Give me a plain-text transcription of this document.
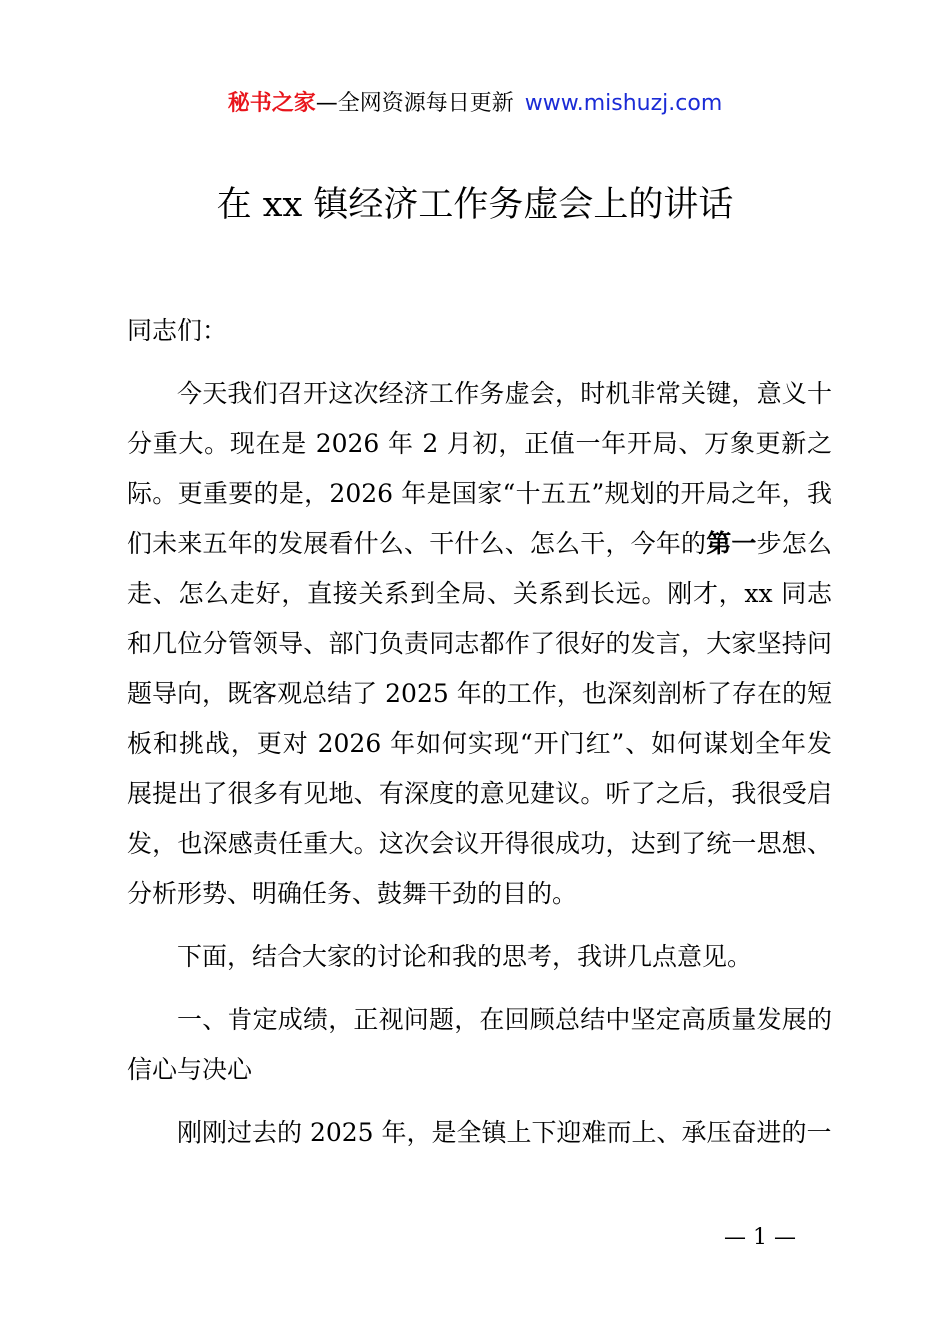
秘书之家—全网资源每日更新 www.mishuzj.com
在 xx 镇经济工作务虚会上的讲话

同志们：

今天我们召开这次经济工作务虚会，时机非常关键，意义十分重大。现在是 2026 年 2 月初，正值一年开局、万象更新之际。更重要的是，2026 年是国家“十五五”规划的开局之年，我们未来五年的发展看什么、干什么、怎么干，今年的第一步怎么走、怎么走好，直接关系到全局、关系到长远。刚才，xx 同志和几位分管领导、部门负责同志都作了很好的发言，大家坚持问题导向，既客观总结了 2025 年的工作，也深刻剖析了存在的短板和挑战，更对 2026 年如何实现“开门红”、如何谋划全年发展提出了很多有见地、有深度的意见建议。听了之后，我很受启发，也深感责任重大。这次会议开得很成功，达到了统一思想、分析形势、明确任务、鼓舞干劲的目的。

下面，结合大家的讨论和我的思考，我讲几点意见。

一、肯定成绩，正视问题，在回顾总结中坚定高质量发展的信心与决心

刚刚过去的 2025 年，是全镇上下迎难而上、承压奋进的一

— 1 —
